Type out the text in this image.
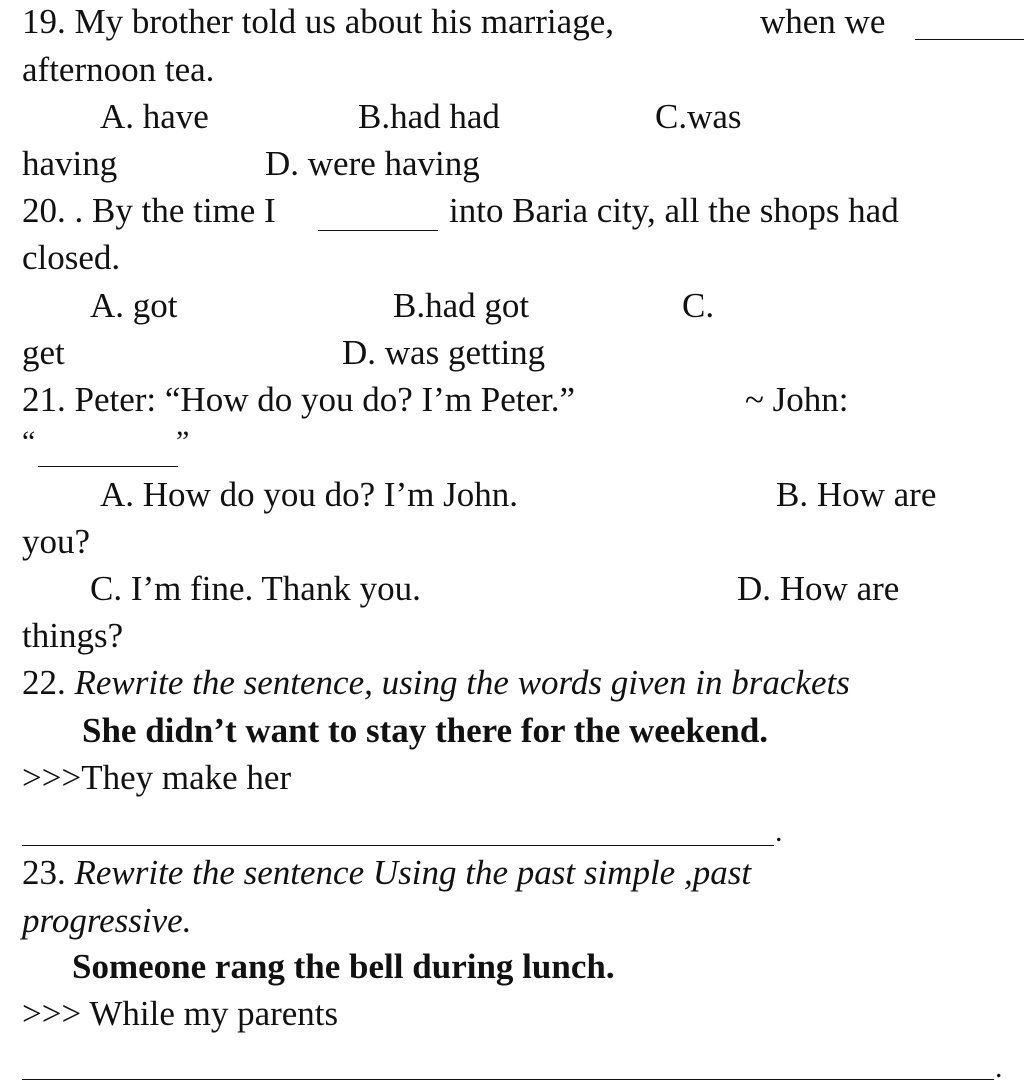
19. My brother told us about his marriage,	when we
afternoon tea.
A. have	B.had had	C.was
having	D. were having
20. . By the time I	into Baria city, all the shops had
closed.
A. got	B.had got	C.
get	D. was getting
21. Peter: “How do you do? I’m Peter.”	~ John:
“	”
A. How do you do? I’m John.	B. How are
you?
C. I’m fine. Thank you.	D. How are
things?
22. Rewrite the sentence, using the words given in brackets
She didn’t want to stay there for the weekend.
>>>They make her
.
23. Rewrite the sentence Using the past simple ,past
progressive.
Someone rang the bell during lunch.
>>> While my parents
.
